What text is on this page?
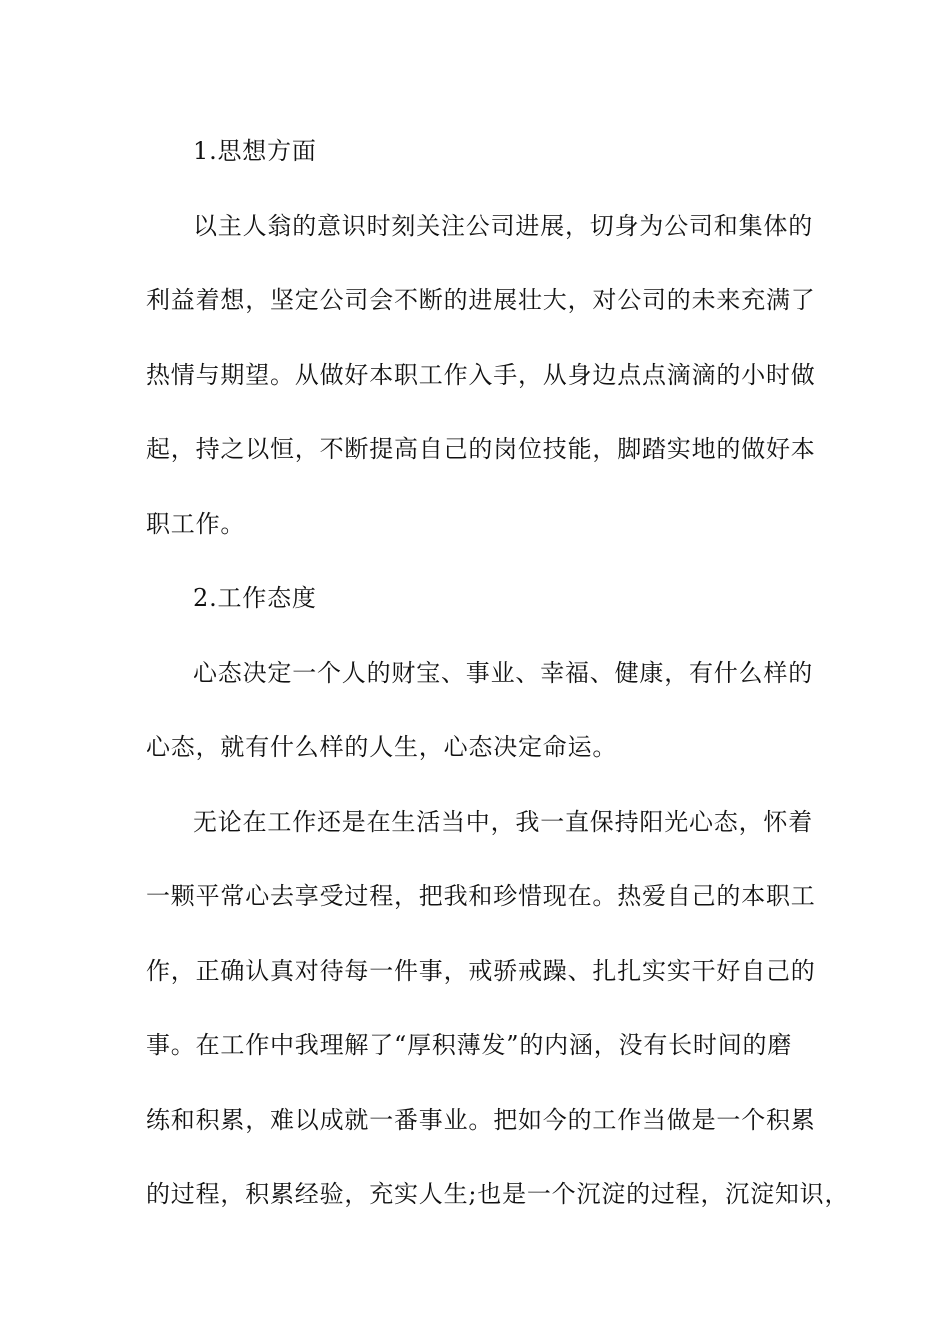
1.思想方面
以主人翁的意识时刻关注公司进展，切身为公司和集体的
利益着想，坚定公司会不断的进展壮大，对公司的未来充满了
热情与期望。从做好本职工作入手，从身边点点滴滴的小时做
起，持之以恒，不断提高自己的岗位技能，脚踏实地的做好本
职工作。
2.工作态度
心态决定一个人的财宝、事业、幸福、健康，有什么样的
心态，就有什么样的人生，心态决定命运。
无论在工作还是在生活当中，我一直保持阳光心态，怀着
一颗平常心去享受过程，把我和珍惜现在。热爱自己的本职工
作，正确认真对待每一件事，戒骄戒躁、扎扎实实干好自己的
事。在工作中我理解了“厚积薄发”的内涵，没有长时间的磨
练和积累，难以成就一番事业。把如今的工作当做是一个积累
的过程，积累经验，充实人生;也是一个沉淀的过程，沉淀知识，
